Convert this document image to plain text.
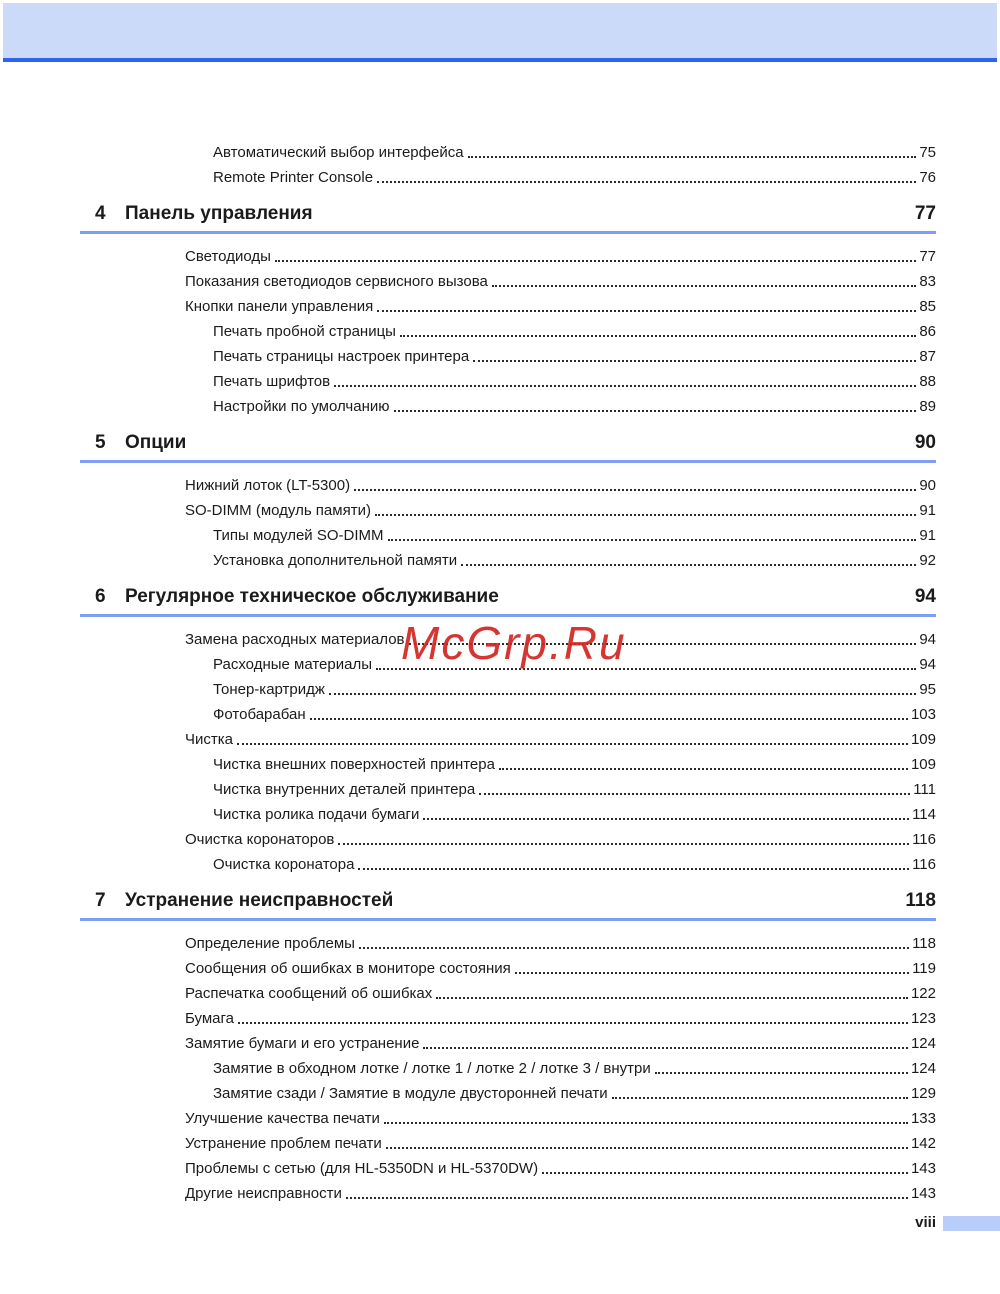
Автоматический выбор интерфейса	75
Remote Printer Console	76
4	Панель управления	77
Светодиоды	77
Показания светодиодов сервисного вызова	83
Кнопки панели управления	85
Печать пробной страницы	86
Печать страницы настроек принтера	87
Печать шрифтов	88
Настройки по умолчанию	89
5	Опции	90
Нижний лоток (LT-5300)	90
SO-DIMM (модуль памяти)	91
Типы модулей SO-DIMM	91
Установка дополнительной памяти	92
6	Регулярное техническое обслуживание	94
Замена расходных материалов	94
Расходные материалы	94
Тонер-картридж	95
Фотобарабан	103
Чистка	109
Чистка внешних поверхностей принтера	109
Чистка внутренних деталей принтера	111
Чистка ролика подачи бумаги	114
Очистка коронаторов	116
Очистка коронатора	116
7	Устранение неисправностей	118
Определение проблемы	118
Сообщения об ошибках в мониторе состояния	119
Распечатка сообщений об ошибках	122
Бумага	123
Замятие бумаги и его устранение	124
Замятие в обходном лотке / лотке 1 / лотке 2 / лотке 3 / внутри	124
Замятие сзади / Замятие в модуле двусторонней печати	129
Улучшение качества печати	133
Устранение проблем печати	142
Проблемы с сетью (для HL-5350DN и HL-5370DW)	143
Другие неисправности	143
McGrp.Ru
viii
